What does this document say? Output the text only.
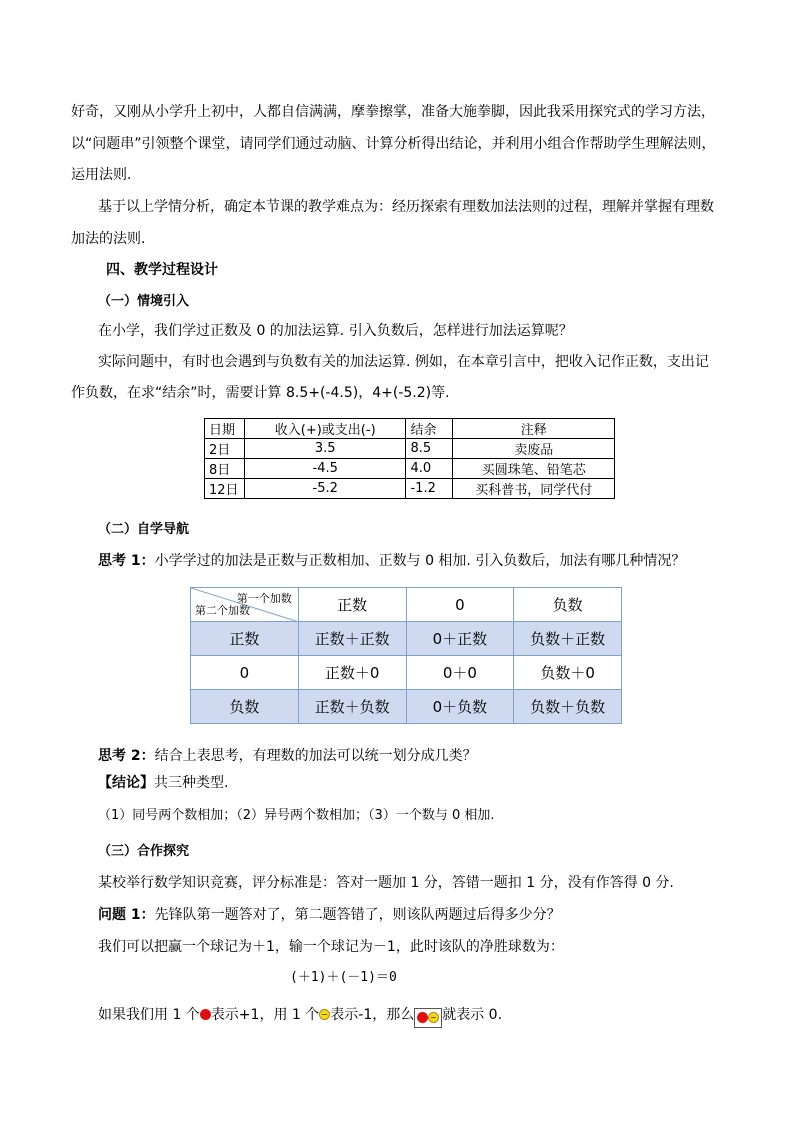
好奇，又刚从小学升上初中，人都自信满满，摩拳擦掌，准备大施拳脚，因此我采用探究式的学习方法，
以“问题串”引领整个课堂，请同学们通过动脑、计算分析得出结论，并利用小组合作帮助学生理解法则，
运用法则.
基于以上学情分析，确定本节课的教学难点为：经历探索有理数加法法则的过程，理解并掌握有理数
加法的法则.
四、教学过程设计
（一）情境引入
在小学，我们学过正数及 0 的加法运算. 引入负数后，怎样进行加法运算呢？
实际问题中，有时也会遇到与负数有关的加法运算. 例如，在本章引言中，把收入记作正数，支出记
作负数，在求“结余”时，需要计算 8.5+(-4.5)，4+(-5.2)等.
日期	收入(+)或支出(-)	结余	注释
2日	3.5	8.5	卖废品
8日	-4.5	4.0	买圆珠笔、铅笔芯
12日	-5.2	-1.2	买科普书，同学代付
（二）自学导航
思考 1：小学学过的加法是正数与正数相加、正数与 0 相加. 引入负数后，加法有哪几种情况？
第一个加数
第二个加数	正数	0	负数
正数	正数＋正数	0＋正数	负数＋正数
0	正数＋0	0＋0	负数＋0
负数	正数＋负数	0＋负数	负数＋负数
思考 2：结合上表思考，有理数的加法可以统一划分成几类？
【结论】共三种类型.
（1）同号两个数相加；（2）异号两个数相加；（3）一个数与 0 相加.
（三）合作探究
某校举行数学知识竞赛，评分标准是：答对一题加 1 分，答错一题扣 1 分，没有作答得 0 分.
问题 1：先锋队第一题答对了，第二题答错了，则该队两题过后得多少分？
我们可以把赢一个球记为＋1，输一个球记为－1，此时该队的净胜球数为：
(＋1)＋(－1)＝0
如果我们用 1 个 表示+1，用 1 个 表示-1，那么 就表示 0.
